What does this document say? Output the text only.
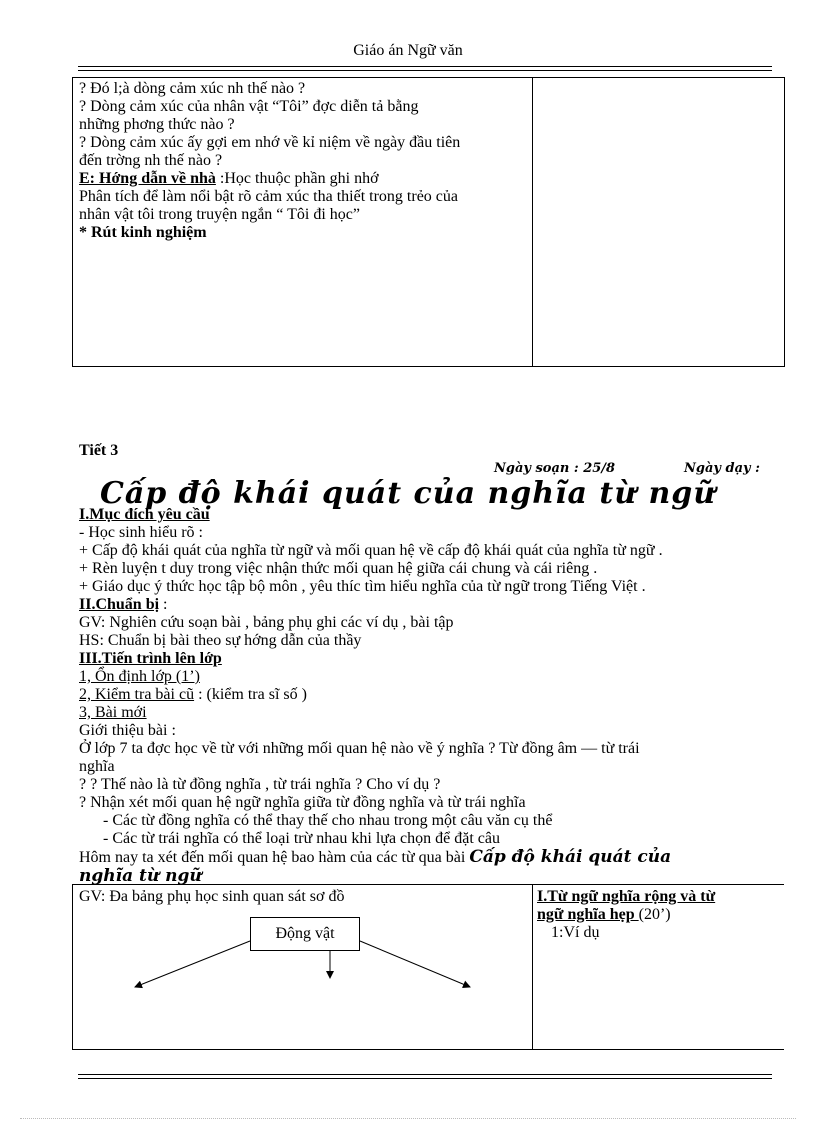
Giáo án Ngữ văn
? Đó l;à dòng cảm xúc nh thế nào ?
? Dòng cảm xúc của nhân vật “Tôi” đợc diễn tả bằng
những phơng thức nào ?
? Dòng cảm xúc ấy gợi em nhớ về kỉ niệm về ngày đầu tiên
đến trờng nh thế nào ?
E: Hớng dẫn về nhà :Học thuộc phần ghi nhớ
Phân tích để làm nổi bật rõ cảm xúc tha thiết trong trẻo của
nhân vật tôi trong truyện ngắn “ Tôi đi học”
* Rút kinh nghiệm
Tiết 3
Ngày soạn : 25/8	Ngày dạy :
Cấp độ khái quát của nghĩa từ ngữ
I.Mục đích yêu cầu
- Học sinh hiểu rõ :
+ Cấp độ khái quát của nghĩa từ ngữ và mối quan hệ về cấp độ khái quát của nghĩa từ ngữ .
+ Rèn luyện t duy trong việc nhận thức mối quan hệ giữa cái chung và cái riêng .
+ Giáo dục ý thức học tập bộ môn , yêu thíc tìm hiểu nghĩa của từ ngữ trong Tiếng Việt .
II.Chuẩn bị :
GV: Nghiên cứu soạn bài , bảng phụ ghi các ví dụ , bài tập
HS: Chuẩn bị bài theo sự hớng dẫn của thầy
III.Tiến trình lên lớp
1, Ổn định lớp (1’)
2, Kiểm tra bài cũ : (kiểm tra sĩ số )
3, Bài mới
Giới thiệu bài :
Ở lớp 7 ta đợc học về từ với những mối quan hệ nào về ý nghĩa ? Từ đồng âm — từ trái
nghĩa
? ? Thế nào là từ đồng nghĩa , từ trái nghĩa ? Cho ví dụ ?
? Nhận xét mối quan hệ ngữ nghĩa giữa từ đồng nghĩa và từ trái nghĩa
- Các từ đồng nghĩa có thể thay thế cho nhau trong một câu văn cụ thể
- Các từ trái nghĩa có thể loại trừ nhau khi lựa chọn để đặt câu
Hôm nay ta xét đến mối quan hệ bao hàm của các từ qua bài Cấp độ khái quát của
nghĩa từ ngữ
GV: Đa bảng phụ học sinh quan sát sơ đồ	I.Từ ngữ nghĩa rộng và từ
ngữ nghĩa hẹp (20’)
1:Ví dụ
Động vật
